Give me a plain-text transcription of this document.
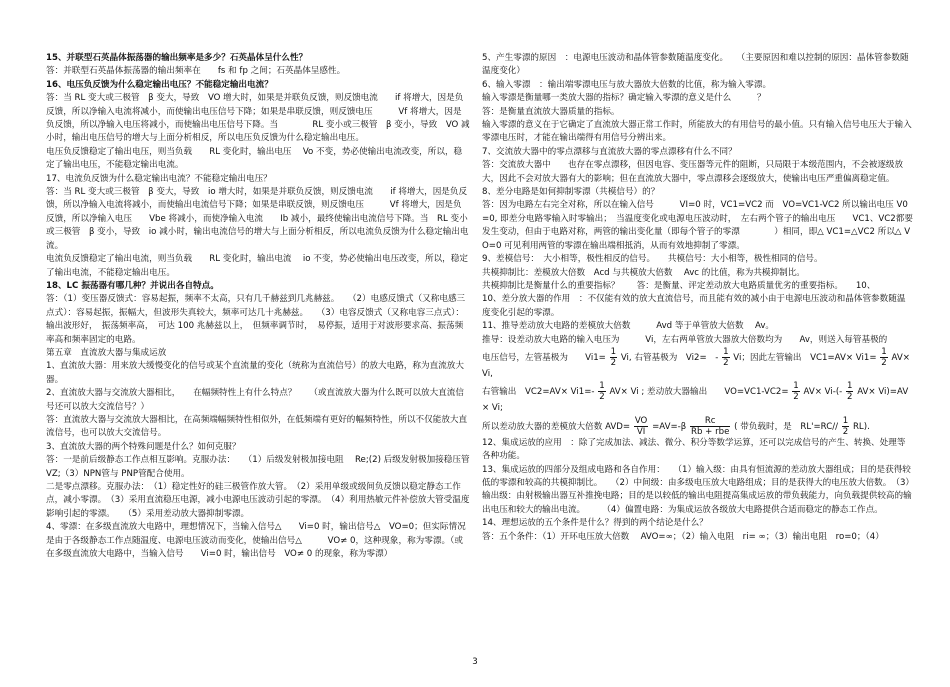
15、并联型石英晶体振荡器的输出频率是多少？石英晶体呈什么性？

答：并联型石英晶体振荡器的输出频率在　　fs 和 fp 之间；石英晶体呈感性。

16、电压负反馈为什么稳定输出电压？不能稳定输出电流？

答：当 RL 变大或三极管　β 变大，导致　VO 增大时，如果是并联负反馈，则反馈电流　　if 将增大，因是负反馈，所以净输入电流将减小，而使输出电压信号下降；如果是串联反馈，则反馈电压　　　Vf 将增大，因是负反馈，所以净输入电压将减小，而使输出电压信号下降。当　　　　RL 变小或三极管　β 变小，导致　VO 减小时，输出电压信号的增大与上面分析相反，所以电压负反馈为什么稳定输出电压。

电压负反馈稳定了输出电压，则当负载　　RL 变化时，输出电压　 Vo 不变，势必使输出电流改变，所以，稳定了输出电压，不能稳定输出电流。

17、电流负反馈为什么稳定输出电流？不能稳定输出电压？

答：当 RL 变大或三极管　β 变大，导致　io 增大时，如果是并联负反馈，则反馈电流　　if 将增大，因是负反馈，所以净输入电流将减小，而使输出电流信号下降；如果是串联反馈，则反馈电压　　　Vf 将增大，因是负反馈，所以净输入电压　　Vbe 将减小，而使净输入电流　　Ib 减小，最终使输出电流信号下降。当　RL 变小或三极管　β 变小，导致　io 减小时，输出电流信号的增大与上面分析相反，所以电流负反馈为什么稳定输出电流。

电流负反馈稳定了输出电流，则当负载　　RL 变化时，输出电流　 io 不变，势必使输出电压改变，所以，稳定了输出电流，不能稳定输出电压。

18、LC 振荡器有哪几种？并说出各自特点。

答：（1）变压器反馈式：容易起振，频率不太高，只有几千赫兹到几兆赫兹。　　（2）电感反馈式（又称电感三点式）：容易起振，振幅大，但波形失真较大，频率可达几十兆赫兹。　　（3）电容反馈式（又称电容三点式）：输出波形好，　振荡频率高，　可达 100 兆赫兹以上，　但频率调节时，　易停振，适用于对波形要求高、振荡频率高和频率固定的电路。

第五章　直流放大器与集成运放

1、直流放大器：用来放大缓慢变化的信号或某个直流量的变化（统称为直流信号）的放大电路，称为直流放大器。

2、直流放大器与交流放大器相比，　　在幅频特性上有什么特点？　　（或直流放大器为什么既可以放大直流信号还可以放大交流信号？）

答：直流放大器与交流放大器相比，在高频端幅频特性相似外，在低频端有更好的幅频特性，所以不仅能放大直流信号，也可以放大交流信号。

3、直流放大器的两个特殊问题是什么？如何克服？

答：一是前后级静态工作点相互影响。克服办法：　　（1）后级发射极加接电阻　 Re;(2) 后级发射极加接稳压管　VZ;（3）NPN管与 PNP管配合使用。

二是零点漂移。克服办法：　（1）稳定性好的硅三极管作放大管。　（2）采用单级或级间负反馈以稳定静态工作点，减小零漂。　（3）采用直流稳压电源，减小电源电压波动引起的零漂。　（4）利用热敏元件补偿放大管受温度影响引起的零漂。　　（5）采用差动放大器抑制零漂。

4、零漂：在多级直流放大电路中，理想情况下，当输入信号△　　Vi=0 时，输出信号△　VO=0；但实际情况是由于各级静态工作点随温度、电源电压波动而变化，使输出信号△　　　VO≠ 0，这种现象，称为零漂。（或在多级直流放大电路中，当输入信号　　Vi=0 时，输出信号　VO≠ 0 的现象，称为零漂）

5、产生零漂的原因　：电源电压波动和晶体管参数随温度变化。　　（主要原因和难以控制的原因：晶体管参数随温度变化）

6、输入零漂　：输出端零漂电压与放大器放大倍数的比值，称为输入零漂。

输入零漂是衡量哪一类放大器的指标？确定输入零漂的意义是什么　　　？

答：是衡量直流放大器质量的指标。

输入零漂的意义在于它确定了直流放大器正常工作时，所能放大的有用信号的最小值。只有输入信号电压大于输入零漂电压时，才能在输出端得有用信号分辨出来。

7、交流放大器中的零点漂移与直流放大器的零点漂移有什么不同？

答：交流放大器中　　也存在零点漂移，但因电容、变压器等元件的阻断，只局限于本级范围内，不会被逐级放大，因此不会对放大器有大的影响；但在直流放大器中，零点漂移会逐级放大，使输出电压严重偏离稳定值。

8、差分电路是如何抑制零漂（共模信号）的？

答：因为电路左右完全对称，所以在输入信号　　　VI=0 时，VC1=VC2 而　VO=VC1-VC2 所以输出电压 V0=0, 即差分电路零输入时零输出；　当温度变化或电源电压波动时，　左右两个管子的输出电压　　VC1、VC2都要发生变动，但由于电路对称，两管的输出变化量（即每个管子的零漂　　　　）相同，即△ VC1=△VC2 所以△ VO=0 可见利用两管的零漂在输出端相抵消，从而有效地抑制了零漂。

9、差模信号：　大小相等，极性相反的信号。　　共模信号：大小相等，极性相同的信号。

共模抑制比：差模放大倍数　Acd 与共模放大倍数　 Avc 的比值，称为共模抑制比。

共模抑制比是衡量什么的重要指标？　　答：是衡量、评定差动放大电路质量优劣的重要指标。　　10、

10、差分放大器的作用　：不仅能有效的放大直流信号，而且能有效的减小由于电源电压波动和晶体管参数随温度变化引起的零漂。

11、推导差动放大电路的差模放大倍数　　　Avd 等于单管放大倍数　 Av。

推导：设差动放大电路的输入电压为　　　Vi，左右两单管放大器放大倍数均为　　Av，则送入每管基极的

电压信号，左管基极为　　$Vi1= \frac{1}{2} Vi$, 右管基极为　Vi2=　- $\frac{1}{2}$ Vi；因此左管输出　$VC1=AV\times Vi1= \frac{1}{2} AV\times Vi$,

右管输出　$VC2=AV\times Vi1=- \frac{1}{2} AV\times Vi$ ; 差动放大器输出　　$VO=VC1-VC2= \frac{1}{2} AV\times Vi-(- \frac{1}{2} AV\times Vi)=AV \times Vi$;

所以差动放大器的差模放大倍数 $AVD= \frac{VO}{VI} =AV=-\beta \frac{Rc}{\text{Rb + rbe}}$ ( 带负载时，是　$RL'=RC// \frac{1}{2} RL$).

12、集成运放的应用　：除了完成加法、减法、微分、积分等数学运算，还可以完成信号的产生、转换、处理等各种功能。

13、集成运放的四部分及组成电路和各自作用：　　（1）输入级：由具有恒流源的差动放大器组成；目的是获得较低的零漂和较高的共模抑制比。　　（2）中间级：由多级电压放大电路组成；目的是获得大的电压放大倍数。　（3）输出级：由射极输出器互补推挽电路；目的是以较低的输出电阻提高集成运放的带负载能力，向负载提供较高的输出电压和较大的输出电流。　　　（4）偏置电路：为集成运放各级放大电路提供合适而稳定的静态工作点。

14、理想运放的五个条件是什么？得到的两个结论是什么？

答：五个条件：（1）开环电压放大倍数　 AVO=∞；（2）输入电阻　ri= ∞；（3）输出电阻　ro=0；（4）

3
